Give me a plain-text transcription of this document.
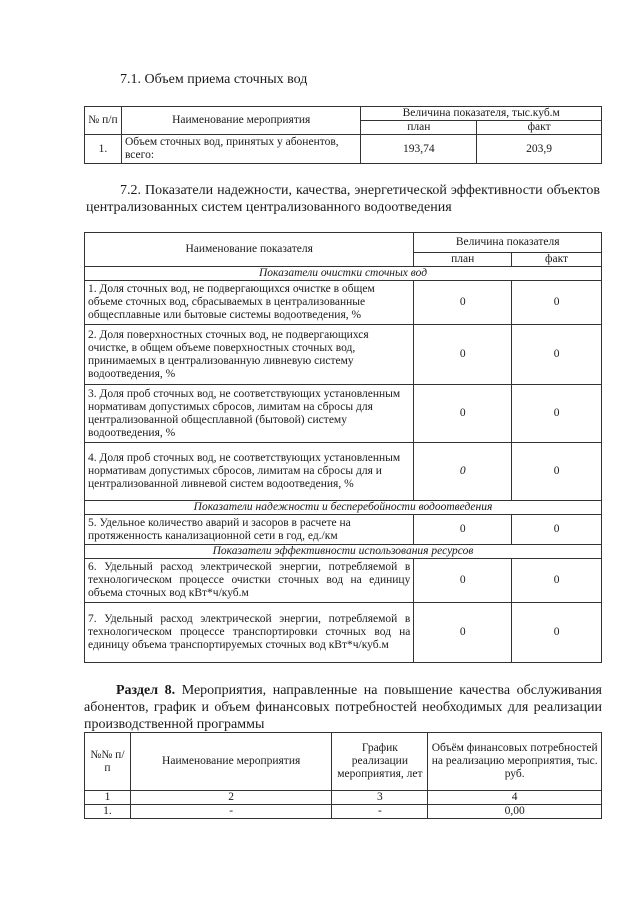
7.1. Объем приема сточных вод
№ п/п	Наименование мероприятия	Величина показателя, тыс.куб.м	
		план	факт
1.	Объем сточных вод, принятых у абонентов, всего:	193,74	203,9
7.2. Показатели надежности, качества, энергетической эффективности объектов централизованных систем централизованного водоотведения
Наименование показателя	Величина показателя	
	план	факт
Показатели очистки сточных вод		
1. Доля сточных вод, не подвергающихся очистке в общем объеме сточных вод, сбрасываемых в централизованные общесплавные или бытовые системы водоотведения, %	0	0
2. Доля поверхностных сточных вод, не подвергающихся очистке, в общем объеме поверхностных сточных вод, принимаемых в централизованную ливневую систему водоотведения, %	0	0
3. Доля проб сточных вод, не соответствующих установленным нормативам допустимых сбросов, лимитам на сбросы для централизованной общесплавной (бытовой) систему водоотведения, %	0	0
4. Доля проб сточных вод, не соответствующих установленным нормативам допустимых сбросов, лимитам на сбросы для и централизованной ливневой систем водоотведения, %	0	0
Показатели надежности и бесперебойности водоотведения		
5. Удельное количество аварий и засоров в расчете на протяженность канализационной сети в год, ед./км	0	0
Показатели эффективности использования ресурсов		
6. Удельный расход электрической энергии, потребляемой в технологическом процессе очистки сточных вод на единицу объема сточных вод кВт*ч/куб.м	0	0
7. Удельный расход электрической энергии, потребляемой в технологическом процессе транспортировки сточных вод на единицу объема транспортируемых сточных вод кВт*ч/куб.м	0	0
Раздел 8. Мероприятия, направленные на повышение качества обслуживания абонентов, график и объем финансовых потребностей необходимых для реализации производственной программы
№№ п/п	Наименование мероприятия	График реализации мероприятия, лет	Объём финансовых потребностей на реализацию мероприятия, тыс. руб.
1	2	3	4
1.	-	-	0,00
